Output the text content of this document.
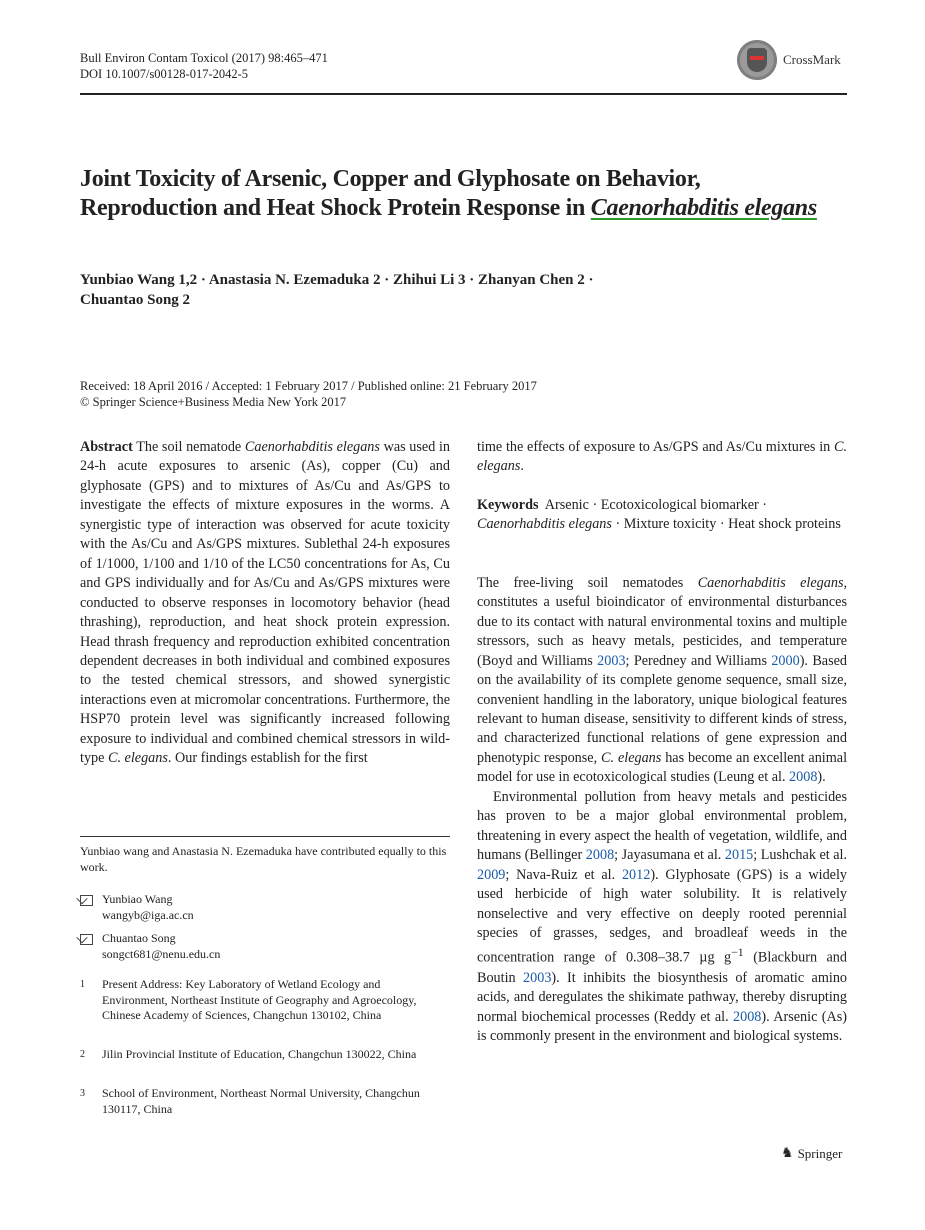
Bull Environ Contam Toxicol (2017) 98:465–471
DOI 10.1007/s00128-017-2042-5
CrossMark
Joint Toxicity of Arsenic, Copper and Glyphosate on Behavior, Reproduction and Heat Shock Protein Response in Caenorhabditis elegans
Yunbiao Wang 1,2 · Anastasia N. Ezemaduka 2 · Zhihui Li 3 · Zhanyan Chen 2 ·
Chuantao Song 2
Received: 18 April 2016 / Accepted: 1 February 2017 / Published online: 21 February 2017
© Springer Science+Business Media New York 2017

Abstract The soil nematode Caenorhabditis elegans was used in 24-h acute exposures to arsenic (As), copper (Cu) and glyphosate (GPS) and to mixtures of As/Cu and As/GPS to investigate the effects of mixture exposures in the worms. A synergistic type of interaction was observed for acute toxicity with the As/Cu and As/GPS mixtures. Sublethal 24-h exposures of 1/1000, 1/100 and 1/10 of the LC50 concentrations for As, Cu and GPS individually and for As/Cu and As/GPS mixtures were conducted to observe responses in locomotory behavior (head thrashing), reproduction, and heat shock protein expression. Head thrash frequency and reproduction exhibited concentration dependent decreases in both individual and combined exposures to the tested chemical stressors, and showed synergistic interactions even at micromolar concentrations. Furthermore, the HSP70 protein level was significantly increased following exposure to individual and combined chemical stressors in wild-type C. elegans. Our findings establish for the first

Yunbiao wang and Anastasia N. Ezemaduka have contributed equally to this work.
Yunbiao Wang
wangyb@iga.ac.cn
Chuantao Song
songct681@nenu.edu.cn
1	Present Address: Key Laboratory of Wetland Ecology and Environment, Northeast Institute of Geography and Agroecology, Chinese Academy of Sciences, Changchun 130102, China
2	Jilin Provincial Institute of Education, Changchun 130022, China
3	School of Environment, Northeast Normal University, Changchun 130117, China

time the effects of exposure to As/GPS and As/Cu mixtures in C. elegans.

Keywords Arsenic · Ecotoxicological biomarker · Caenorhabditis elegans · Mixture toxicity · Heat shock proteins

The free-living soil nematodes Caenorhabditis elegans, constitutes a useful bioindicator of environmental disturbances due to its contact with natural environmental toxins and multiple stressors, such as heavy metals, pesticides, and temperature (Boyd and Williams 2003; Peredney and Williams 2000). Based on the availability of its complete genome sequence, small size, convenient handling in the laboratory, unique biological features relevant to human disease, sensitivity to different kinds of stress, and characterized functional relations of gene expression and phenotypic response, C. elegans has become an excellent animal model for use in ecotoxicological studies (Leung et al. 2008).

Environmental pollution from heavy metals and pesticides has proven to be a major global environmental problem, threatening in every aspect the health of vegetation, wildlife, and humans (Bellinger 2008; Jayasumana et al. 2015; Lushchak et al. 2009; Nava-Ruiz et al. 2012). Glyphosate (GPS) is a widely used herbicide of high water solubility. It is relatively nonselective and very effective on deeply rooted perennial species of grasses, sedges, and broadleaf weeds in the concentration range of 0.308–38.7 µg $g^{-1}$ (Blackburn and Boutin 2003). It inhibits the biosynthesis of aromatic amino acids, and deregulates the shikimate pathway, thereby disrupting normal biochemical processes (Reddy et al. 2008). Arsenic (As) is commonly present in the environment and biological systems.

♞ Springer
